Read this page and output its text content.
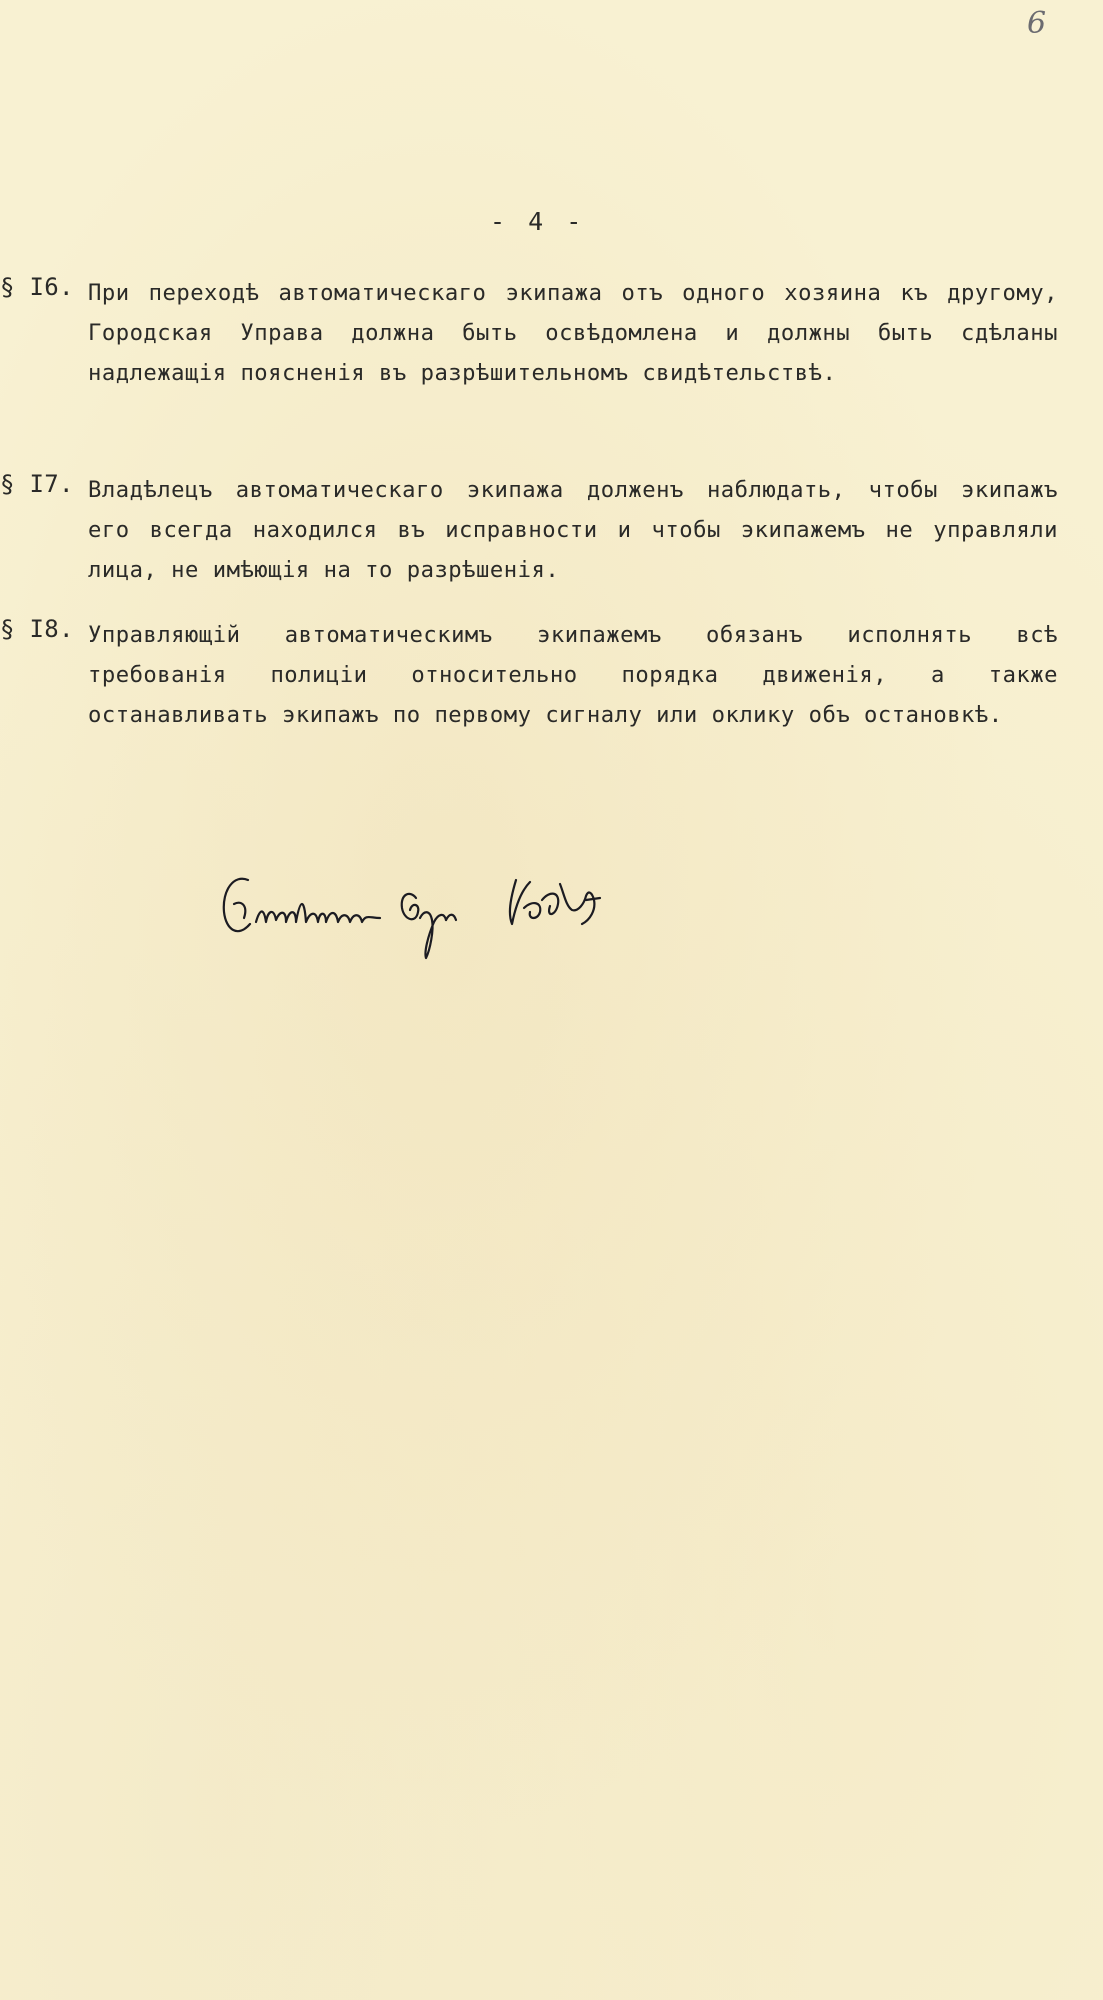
6
- 4 -
§ I6. При переходѣ автоматическаго экипажа отъ одного хозяина къ другому, Городская Управа должна быть освѣдомлена и должны быть сдѣланы надлежащія поясненія въ разрѣшительномъ свидѣтельствѣ.
§ I7. Владѣлецъ автоматическаго экипажа долженъ наблюдать, чтобы экипажъ его всегда находился въ исправности и чтобы экипажемъ не управляли лица, не имѣющія на то разрѣшенія.
§ I8. Управляющій автоматическимъ экипажемъ обязанъ исполнять всѣ требованія полиціи относительно порядка движенія, а также останавливать экипажъ по первому сигналу или оклику объ остановкѣ.
